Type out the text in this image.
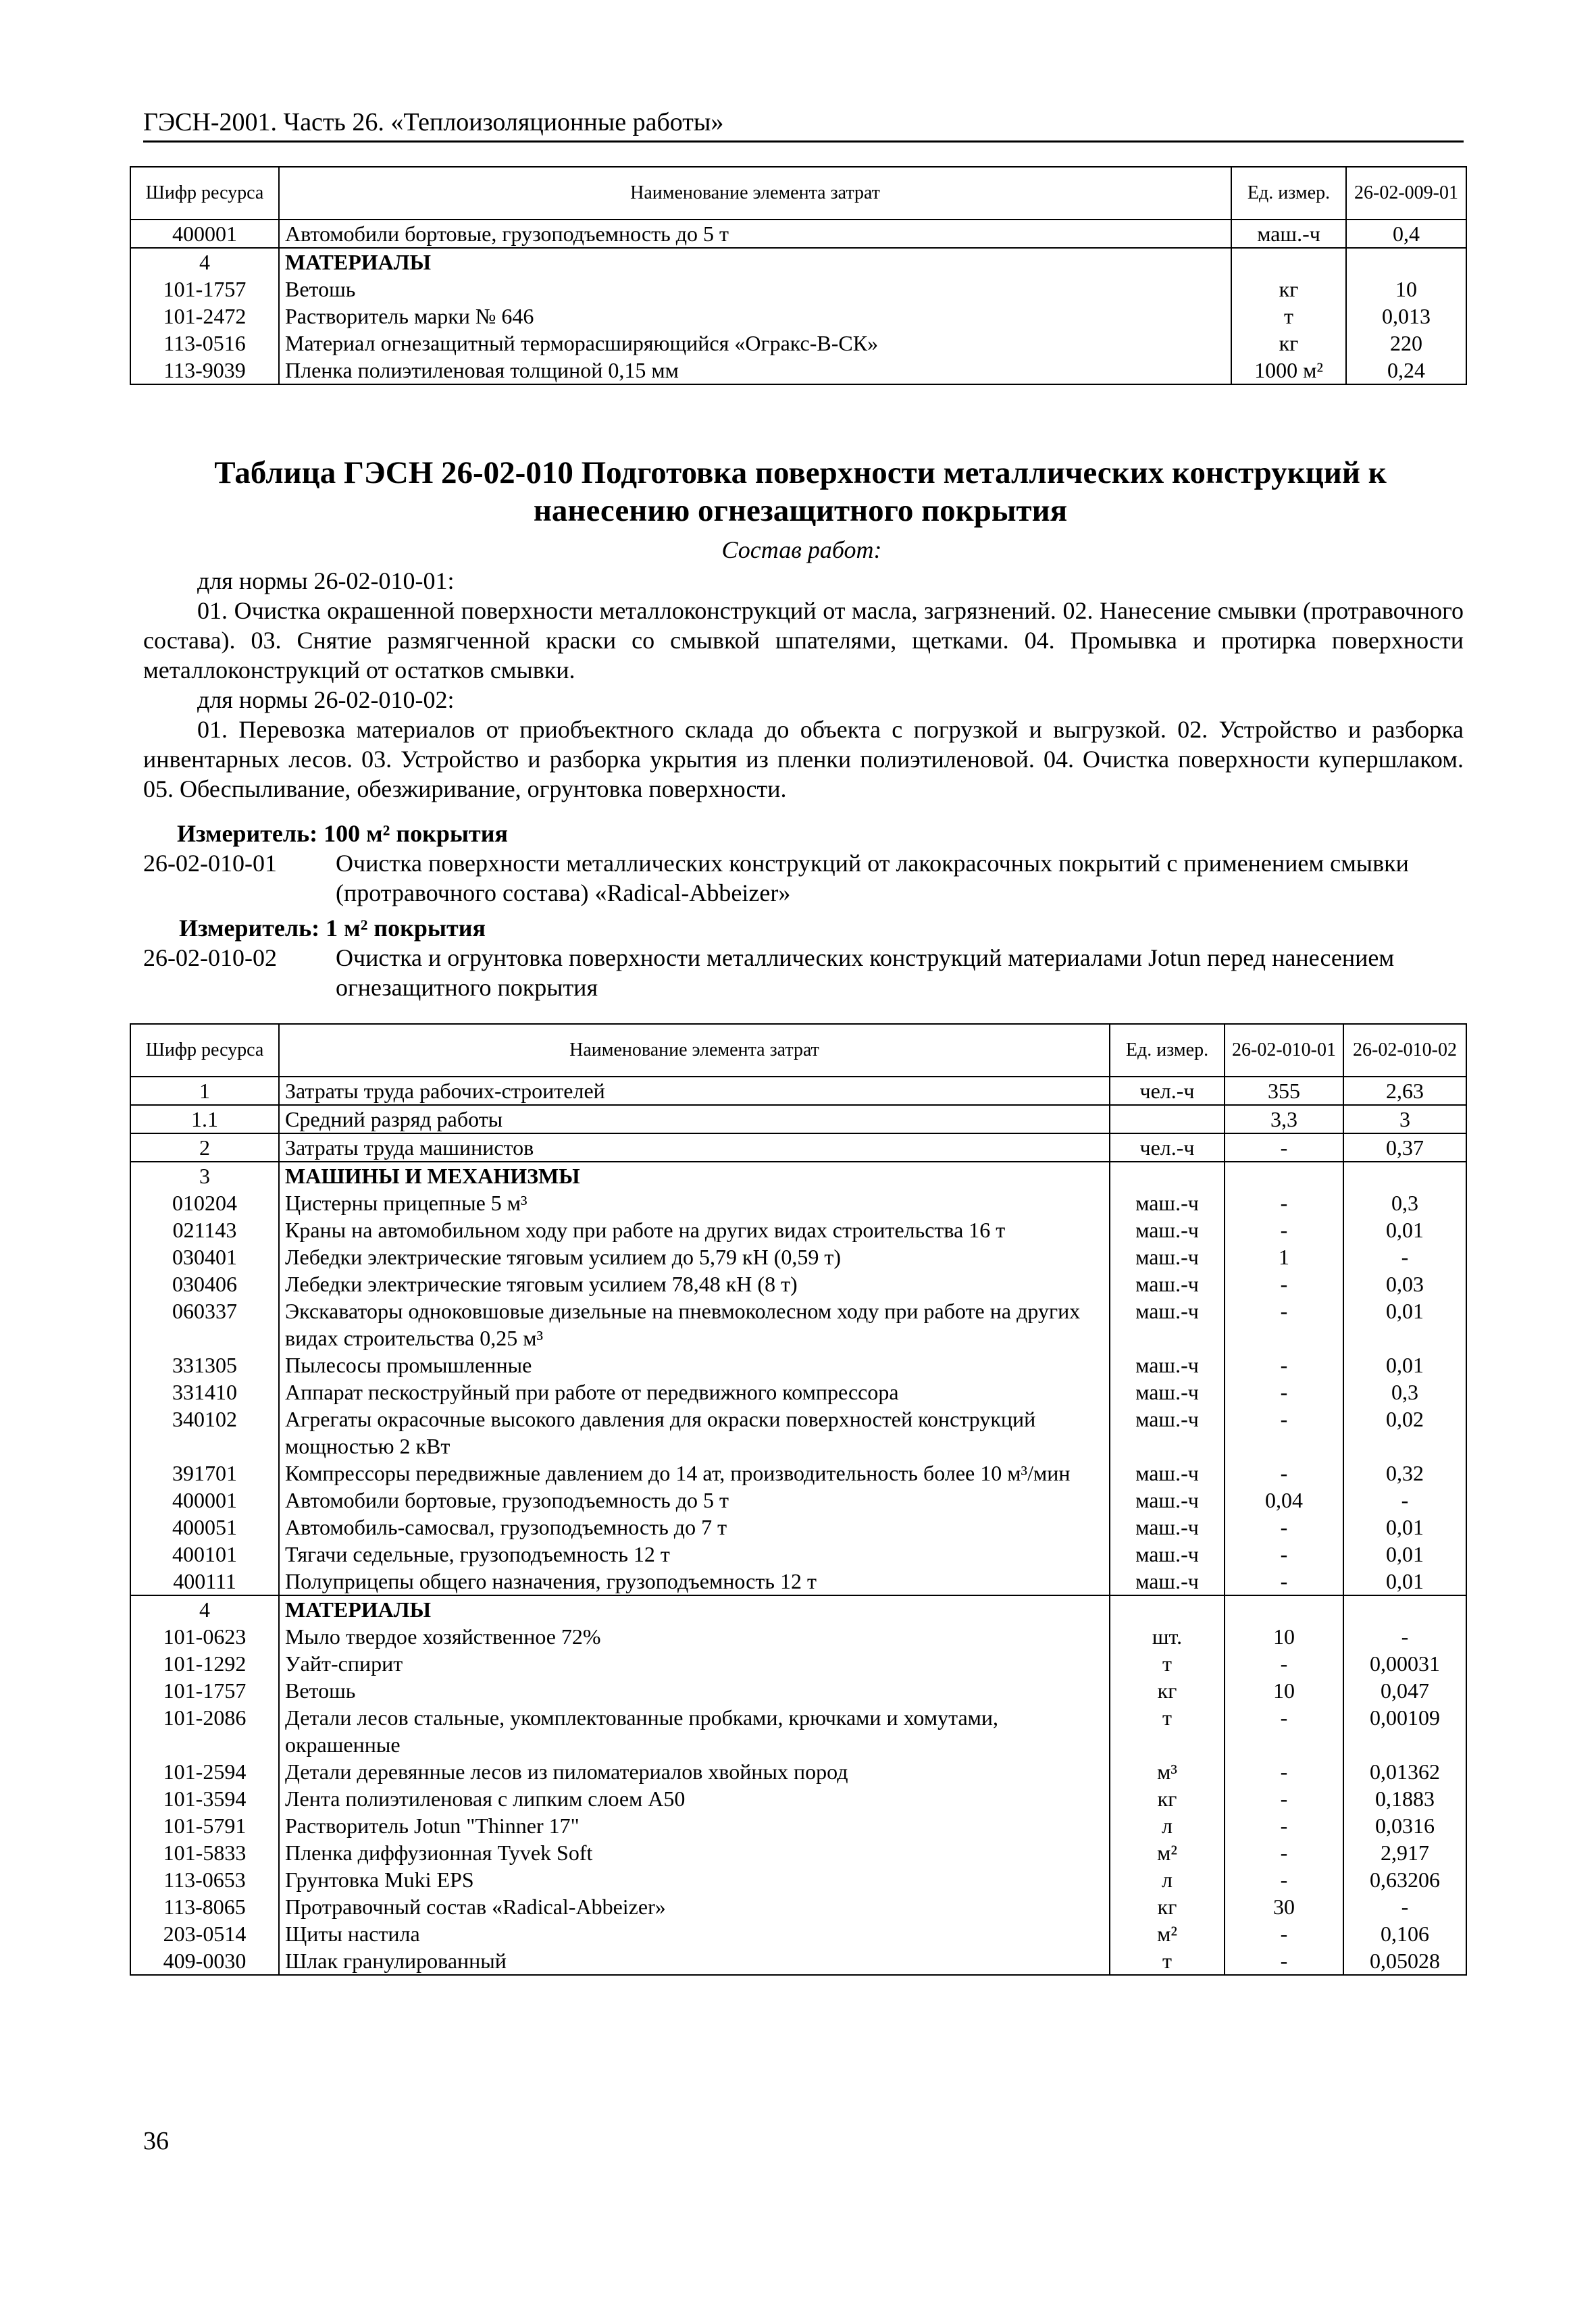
ГЭСН-2001. Часть 26. «Теплоизоляционные работы»
Шифр ресурса	Наименование элемента затрат	Ед. измер.	26-02-009-01
400001	Автомобили бортовые, грузоподъемность до 5 т	маш.-ч	0,4
4	МАТЕРИАЛЫ		
101-1757	Ветошь	кг	10
101-2472	Растворитель марки № 646	т	0,013
113-0516	Материал огнезащитный терморасширяющийся «Огракс-В-СК»	кг	220
113-9039	Пленка полиэтиленовая толщиной 0,15 мм	1000 м²	0,24
Таблица ГЭСН 26-02-010 Подготовка поверхности металлических конструкций к
нанесению огнезащитного покрытия
Состав работ:
для нормы 26-02-010-01:
01. Очистка окрашенной поверхности металлоконструкций от масла, загрязнений. 02. Нанесение смывки (протравочного состава). 03. Снятие размягченной краски со смывкой шпателями, щетками. 04. Промывка и протирка поверхности металлоконструкций от остатков смывки.
для нормы 26-02-010-02:
01. Перевозка материалов от приобъектного склада до объекта с погрузкой и выгрузкой. 02. Устройство и разборка инвентарных лесов. 03. Устройство и разборка укрытия из пленки полиэтиленовой. 04. Очистка поверхности купершлаком. 05. Обеспыливание, обезжиривание, огрунтовка поверхности.
Измеритель: 100 м² покрытия
26-02-010-01 Очистка поверхности металлических конструкций от лакокрасочных покрытий с применением смывки (протравочного состава) «Radical-Abbeizer»
Измеритель: 1 м² покрытия
26-02-010-02 Очистка и огрунтовка поверхности металлических конструкций материалами Jotun перед нанесением огнезащитного покрытия
Шифр ресурса	Наименование элемента затрат	Ед. измер.	26-02-010-01	26-02-010-02
1	Затраты труда рабочих-строителей	чел.-ч	355	2,63
1.1	Средний разряд работы		3,3	3
2	Затраты труда машинистов	чел.-ч	-	0,37
3	МАШИНЫ И МЕХАНИЗМЫ			
010204	Цистерны прицепные 5 м³	маш.-ч	-	0,3
021143	Краны на автомобильном ходу при работе на других видах строительства 16 т	маш.-ч	-	0,01
030401	Лебедки электрические тяговым усилием до 5,79 кН (0,59 т)	маш.-ч	1	-
030406	Лебедки электрические тяговым усилием 78,48 кН (8 т)	маш.-ч	-	0,03
060337	Экскаваторы одноковшовые дизельные на пневмоколесном ходу при работе на других видах строительства 0,25 м³	маш.-ч	-	0,01
331305	Пылесосы промышленные	маш.-ч	-	0,01
331410	Аппарат пескоструйный при работе от передвижного компрессора	маш.-ч	-	0,3
340102	Агрегаты окрасочные высокого давления для окраски поверхностей конструкций мощностью 2 кВт	маш.-ч	-	0,02
391701	Компрессоры передвижные давлением до 14 ат, производительность более 10 м³/мин	маш.-ч	-	0,32
400001	Автомобили бортовые, грузоподъемность до 5 т	маш.-ч	0,04	-
400051	Автомобиль-самосвал, грузоподъемность до 7 т	маш.-ч	-	0,01
400101	Тягачи седельные, грузоподъемность 12 т	маш.-ч	-	0,01
400111	Полуприцепы общего назначения, грузоподъемность 12 т	маш.-ч	-	0,01
4	МАТЕРИАЛЫ			
101-0623	Мыло твердое хозяйственное 72%	шт.	10	-
101-1292	Уайт-спирит	т	-	0,00031
101-1757	Ветошь	кг	10	0,047
101-2086	Детали лесов стальные, укомплектованные пробками, крючками и хомутами, окрашенные	т	-	0,00109
101-2594	Детали деревянные лесов из пиломатериалов хвойных пород	м³	-	0,01362
101-3594	Лента полиэтиленовая с липким слоем А50	кг	-	0,1883
101-5791	Растворитель Jotun "Thinner 17"	л	-	0,0316
101-5833	Пленка диффузионная Tyvek Soft	м²	-	2,917
113-0653	Грунтовка Muki EPS	л	-	0,63206
113-8065	Протравочный состав «Radical-Abbeizer»	кг	30	-
203-0514	Щиты настила	м²	-	0,106
409-0030	Шлак гранулированный	т	-	0,05028
36
